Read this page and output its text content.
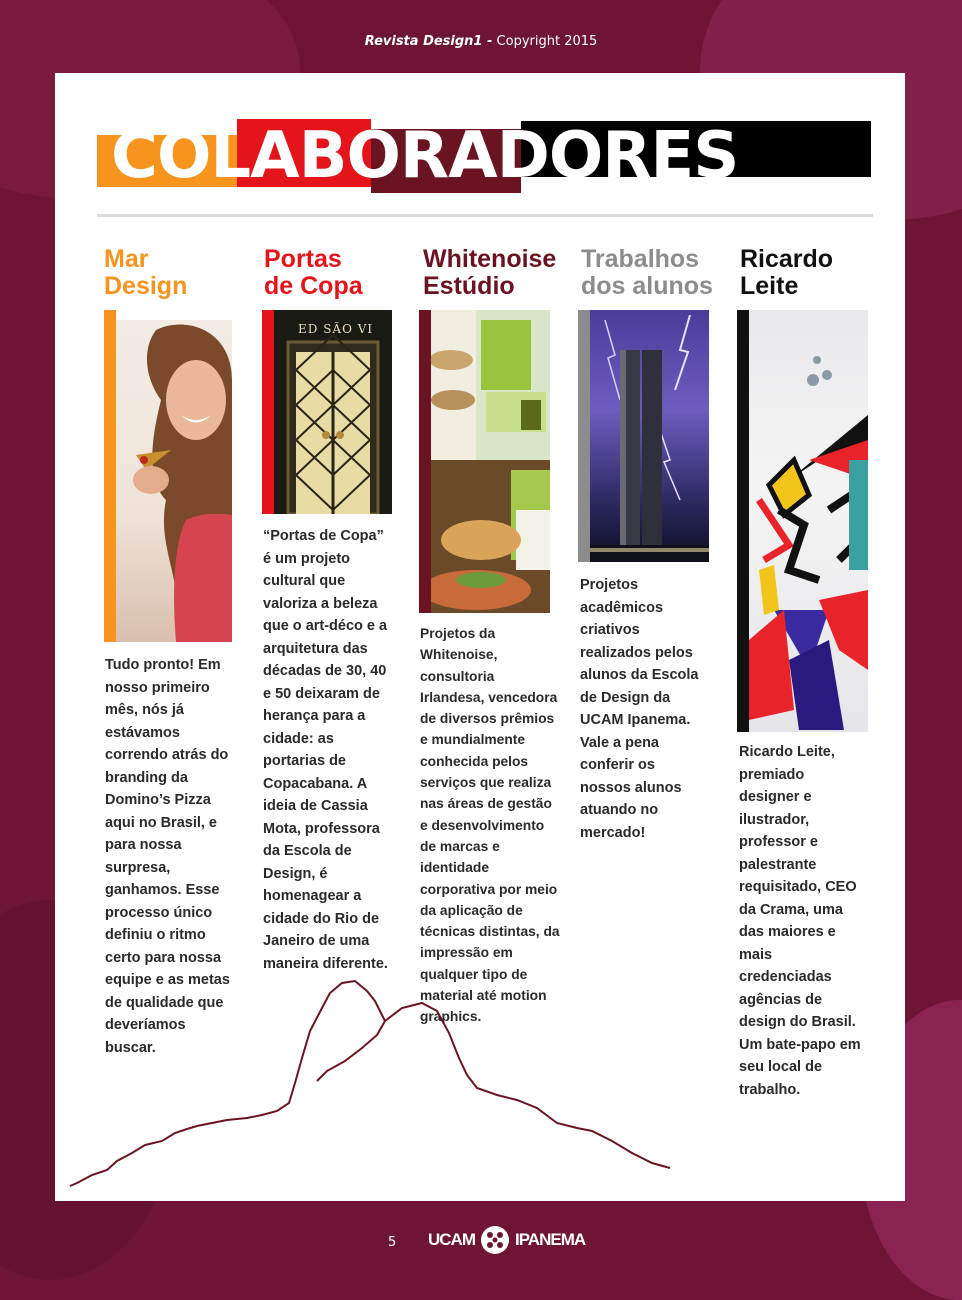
Revista Design1 - Copyright 2015
COLABORADORES
Mar
Design

Tudo pronto! Em nosso primeiro mês, nós já estávamos correndo atrás do branding da Domino’s Pizza aqui no Brasil, e para nossa surpresa, ganhamos. Esse processo único definiu o ritmo certo para nossa equipe e as metas de qualidade que deveríamos buscar.

Portas
de Copa
ED SÃO VI

“Portas de Copa” é um projeto cultural que valoriza a beleza que o art-déco e a arquitetura das décadas de 30, 40 e 50 deixaram de herança para a cidade: as portarias de Copacabana. A ideia de Cassia Mota, professora da Escola de Design, é homenagear a cidade do Rio de Janeiro de uma maneira diferente.

Whitenoise
Estúdio

Projetos da Whitenoise, consultoria Irlandesa, vencedora de diversos prêmios e mundialmente conhecida pelos serviços que realiza nas áreas de gestão e desenvolvimento de marcas e identidade corporativa por meio da aplicação de técnicas distintas, da impressão em qualquer tipo de material até motion graphics.

Trabalhos
dos alunos

Projetos acadêmicos criativos realizados pelos alunos da Escola de Design da UCAM Ipanema. Vale a pena conferir os nossos alunos atuando no mercado!

Ricardo
Leite

Ricardo Leite, premiado designer e ilustrador, professor e palestrante requisitado, CEO da Crama, uma das maiores e mais credenciadas agências de design do Brasil. Um bate-papo em seu local de trabalho.

5 UCAM IPANEMA
